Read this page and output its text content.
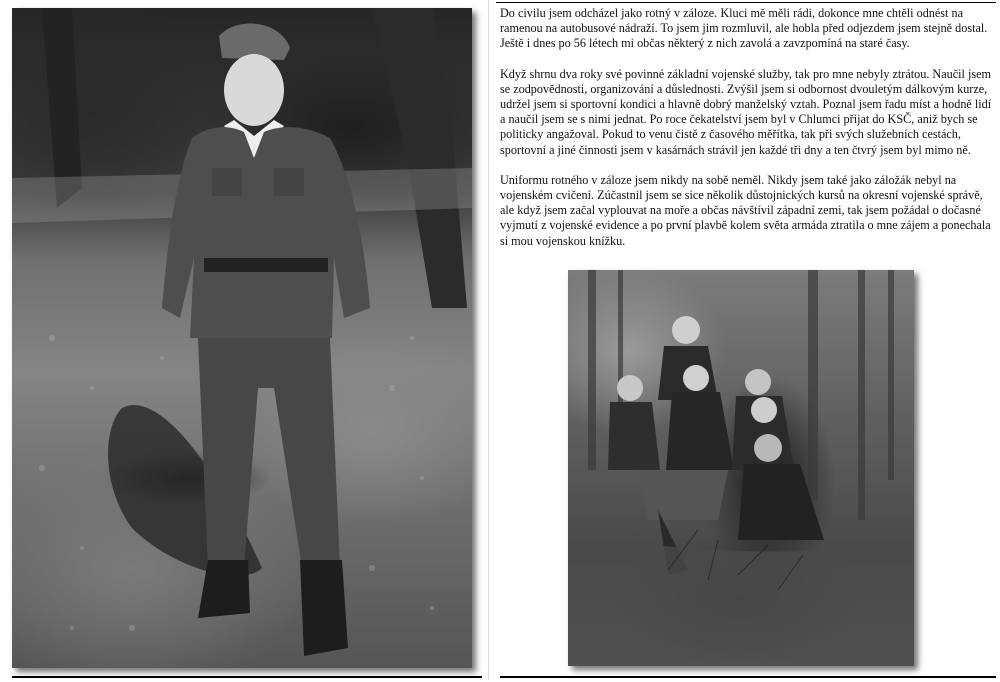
Do civilu jsem odcházel jako rotný v záloze. Kluci mě měli rádi, dokonce mne chtěli odnést na ramenou na autobusové nádraží. To jsem jim rozmluvil, ale hobla před odjezdem jsem stejně dostal. Ještě i dnes po 56 létech mi občas některý z nich zavolá a zavzpomíná na staré časy.

Když shrnu dva roky své povinné základní vojenské služby, tak pro mne nebyly ztrátou. Naučil jsem se zodpovědnosti, organizování a důslednosti. Zvýšil jsem si odbornost dvouletým dálkovým kurze, udržel jsem si sportovní kondici a hlavně dobrý manželský vztah. Poznal jsem řadu míst a hodně lidí a naučil jsem se s nimi jednat. Po roce čekatelství jsem byl v Chlumci přijat do KSČ, aniž bych se politicky angažoval. Pokud to venu čistě z časového měřítka, tak při svých služebních cestách, sportovní a jiné činnosti jsem v kasárnách strávil jen každé tři dny a ten čtvrý jsem byl mimo ně.

Uniformu rotného v záloze jsem nikdy na sobě neměl. Nikdy jsem také jako záložák nebyl na vojenském cvičení. Zúčastnil jsem se sice několik důstojnických kursů na okresní vojenské správě, ale když jsem začal vyplouvat na moře a občas návštívil západní zemi, tak jsem požádal o dočasné vyjmutí z vojenské evidence a po první plavbě kolem světa armáda ztratila o mne zájem a ponechala si mou vojenskou knížku.
